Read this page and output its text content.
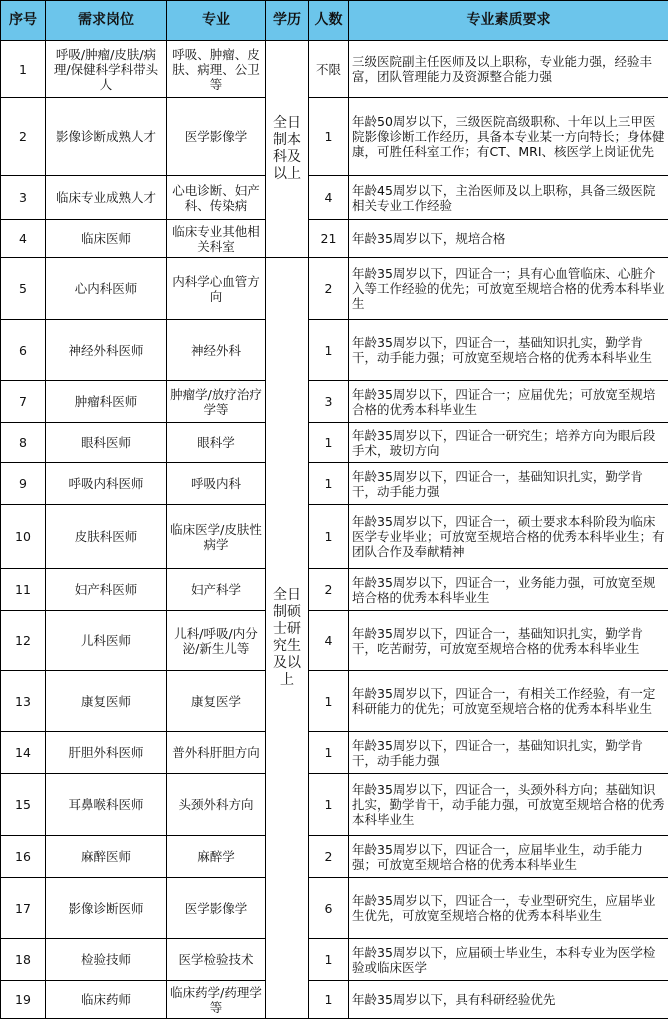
序号	需求岗位	专业	学历	人数	专业素质要求
1	呼吸/肿瘤/皮肤/病理/保健科学科带头人	呼吸、肿瘤、皮肤、病理、公卫等	全日制本科及以上	不限	三级医院副主任医师及以上职称，专业能力强，经验丰富，团队管理能力及资源整合能力强
2	影像诊断成熟人才	医学影像学		1	年龄50周岁以下，三级医院高级职称、十年以上三甲医院影像诊断工作经历，具备本专业某一方向特长；身体健康，可胜任科室工作；有CT、MRI、核医学上岗证优先
3	临床专业成熟人才	心电诊断、妇产科、传染病		4	年龄45周岁以下，主治医师及以上职称，具备三级医院相关专业工作经验
4	临床医师	临床专业其他相关科室		21	年龄35周岁以下，规培合格
5	心内科医师	内科学心血管方向	全日制硕士研究生及以上	2	年龄35周岁以下，四证合一；具有心血管临床、心脏介入等工作经验的优先；可放宽至规培合格的优秀本科毕业生
6	神经外科医师	神经外科		1	年龄35周岁以下，四证合一，基础知识扎实，勤学肯干，动手能力强；可放宽至规培合格的优秀本科毕业生
7	肿瘤科医师	肿瘤学/放疗治疗学等		3	年龄35周岁以下，四证合一；应届优先；可放宽至规培合格的优秀本科毕业生
8	眼科医师	眼科学		1	年龄35周岁以下，四证合一研究生；培养方向为眼后段手术，玻切方向
9	呼吸内科医师	呼吸内科		1	年龄35周岁以下，四证合一，基础知识扎实，勤学肯干，动手能力强
10	皮肤科医师	临床医学/皮肤性病学		1	年龄35周岁以下，四证合一，硕士要求本科阶段为临床医学专业毕业；可放宽至规培合格的优秀本科毕业生；有团队合作及奉献精神
11	妇产科医师	妇产科学		2	年龄35周岁以下，四证合一，业务能力强，可放宽至规培合格的优秀本科毕业生
12	儿科医师	儿科/呼吸/内分泌/新生儿等		4	年龄35周岁以下，四证合一，基础知识扎实，勤学肯干，吃苦耐劳，可放宽至规培合格的优秀本科毕业生
13	康复医师	康复医学		1	年龄35周岁以下，四证合一，有相关工作经验，有一定科研能力的优先；可放宽至规培合格的优秀本科毕业生
14	肝胆外科医师	普外科肝胆方向		1	年龄35周岁以下，四证合一，基础知识扎实，勤学肯干，动手能力强
15	耳鼻喉科医师	头颈外科方向		1	年龄35周岁以下，四证合一，头颈外科方向；基础知识扎实，勤学肯干，动手能力强，可放宽至规培合格的优秀本科毕业生
16	麻醉医师	麻醉学		2	年龄35周岁以下，四证合一，应届毕业生，动手能力强；可放宽至规培合格的优秀本科毕业生
17	影像诊断医师	医学影像学		6	年龄35周岁以下，四证合一，专业型研究生，应届毕业生优先，可放宽至规培合格的优秀本科毕业生
18	检验技师	医学检验技术		1	年龄35周岁以下，应届硕士毕业生，本科专业为医学检验或临床医学
19	临床药师	临床药学/药理学等		1	年龄35周岁以下，具有科研经验优先
